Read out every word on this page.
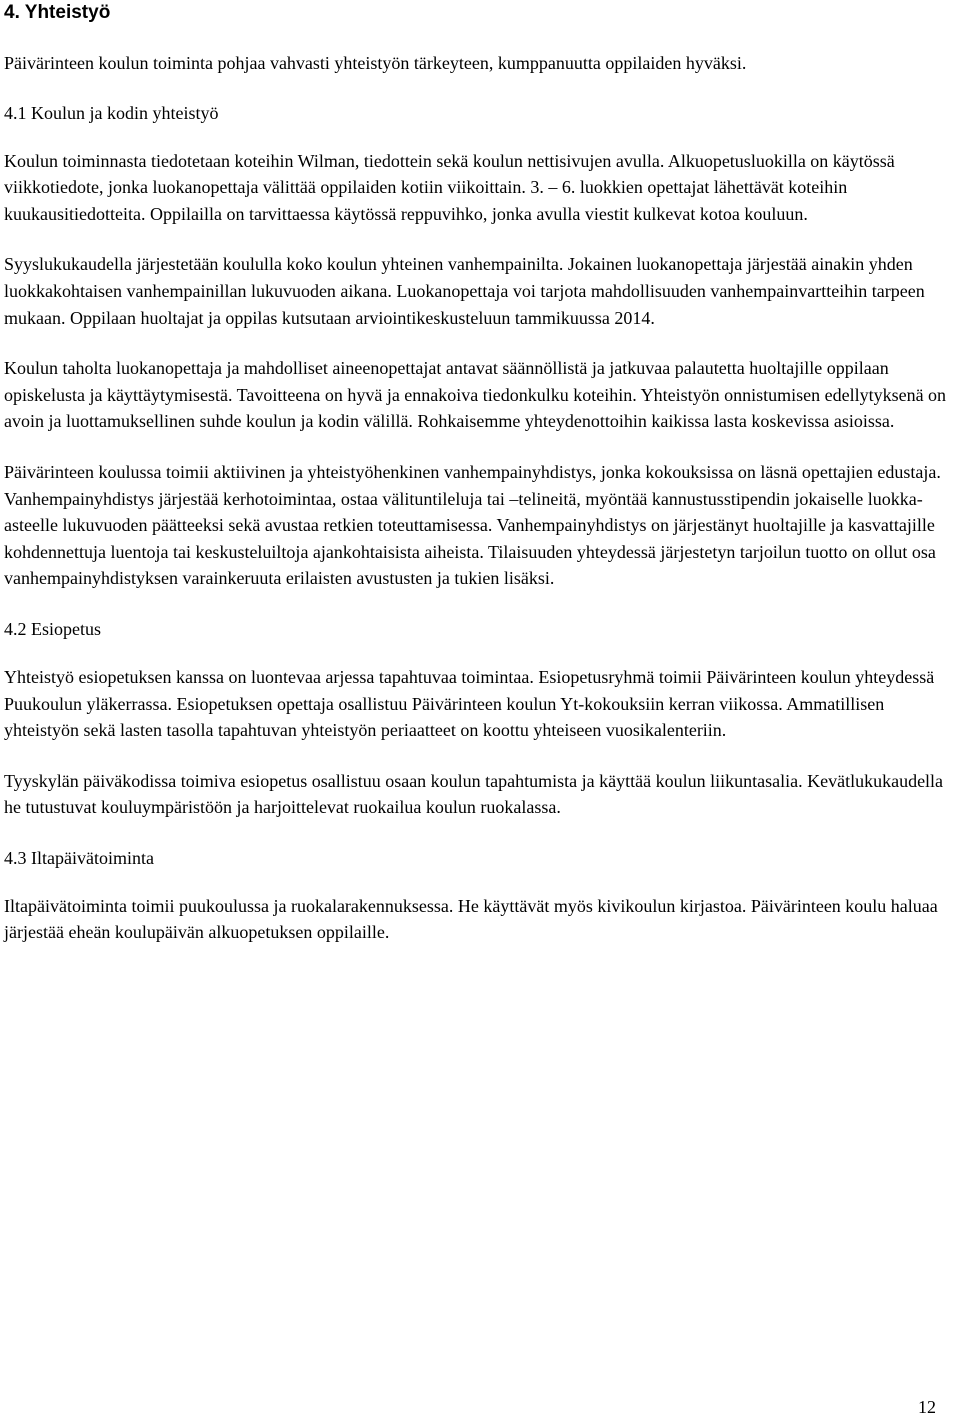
4. Yhteistyö

Päivärinteen koulun toiminta pohjaa vahvasti yhteistyön tärkeyteen, kumppanuutta oppilaiden hyväksi.

4.1 Koulun ja kodin yhteistyö

Koulun toiminnasta tiedotetaan koteihin Wilman, tiedottein sekä koulun nettisivujen avulla. Alkuopetusluokilla on käytössä viikkotiedote, jonka luokanopettaja välittää oppilaiden kotiin viikoittain. 3. – 6. luokkien opettajat lähettävät koteihin kuukausitiedotteita. Oppilailla on tarvittaessa käytössä reppuvihko, jonka avulla viestit kulkevat kotoa kouluun.

Syyslukukaudella järjestetään koululla koko koulun yhteinen vanhempainilta. Jokainen luokanopettaja järjestää ainakin yhden luokkakohtaisen vanhempainillan lukuvuoden aikana. Luokanopettaja voi tarjota mahdollisuuden vanhempainvartteihin tarpeen mukaan. Oppilaan huoltajat ja oppilas kutsutaan arviointikeskusteluun tammikuussa 2014.

Koulun taholta luokanopettaja ja mahdolliset aineenopettajat antavat säännöllistä ja jatkuvaa palautetta huoltajille oppilaan opiskelusta ja käyttäytymisestä. Tavoitteena on hyvä ja ennakoiva tiedonkulku koteihin. Yhteistyön onnistumisen edellytyksenä on avoin ja luottamuksellinen suhde koulun ja kodin välillä. Rohkaisemme yhteydenottoihin kaikissa lasta koskevissa asioissa.

Päivärinteen koulussa toimii aktiivinen ja yhteistyöhenkinen vanhempainyhdistys, jonka kokouksissa on läsnä opettajien edustaja. Vanhempainyhdistys järjestää kerhotoimintaa, ostaa välituntileluja tai –telineitä, myöntää kannustusstipendin jokaiselle luokka-asteelle lukuvuoden päätteeksi sekä avustaa retkien toteuttamisessa. Vanhempainyhdistys on järjestänyt huoltajille ja kasvattajille kohdennettuja luentoja tai keskusteluiltoja ajankohtaisista aiheista. Tilaisuuden yhteydessä järjestetyn tarjoilun tuotto on ollut osa vanhempainyhdistyksen varainkeruuta erilaisten avustusten ja tukien lisäksi.

4.2 Esiopetus

Yhteistyö esiopetuksen kanssa on luontevaa arjessa tapahtuvaa toimintaa. Esiopetusryhmä toimii Päivärinteen koulun yhteydessä Puukoulun yläkerrassa. Esiopetuksen opettaja osallistuu Päivärinteen koulun Yt-kokouksiin kerran viikossa. Ammatillisen yhteistyön sekä lasten tasolla tapahtuvan yhteistyön periaatteet on koottu yhteiseen vuosikalenteriin.

Tyyskylän päiväkodissa toimiva esiopetus osallistuu osaan koulun tapahtumista ja käyttää koulun liikuntasalia. Kevätlukukaudella he tutustuvat kouluympäristöön ja harjoittelevat ruokailua koulun ruokalassa.

4.3 Iltapäivätoiminta

Iltapäivätoiminta toimii puukoulussa ja ruokalarakennuksessa. He käyttävät myös kivikoulun kirjastoa. Päivärinteen koulu haluaa järjestää eheän koulupäivän alkuopetuksen oppilaille.

12
